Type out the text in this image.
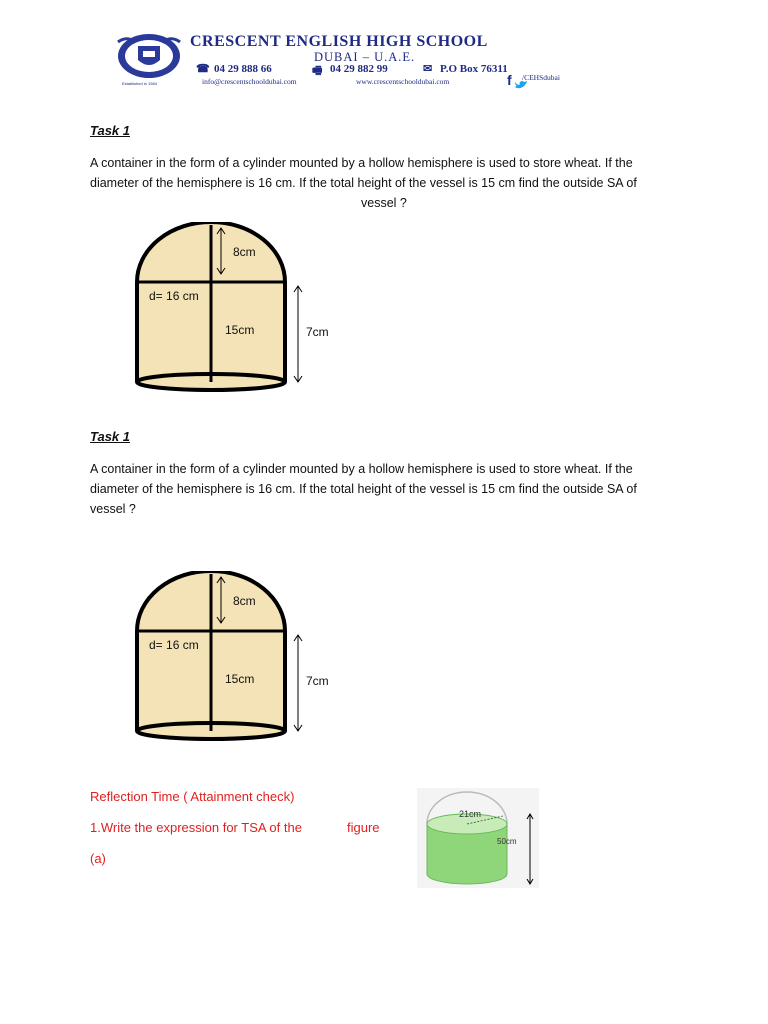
Established in 1984
CRESCENT ENGLISH HIGH SCHOOL
DUBAI – U.A.E.
☎ 04 29 888 66	🖷 04 29 882 99	✉ P.O Box 76311
info@crescentschooldubai.com	www.crescentschooldubai.com	f /CEHSdubai
Task 1
A container in the form of a cylinder mounted by a hollow hemisphere is used to store wheat. If the
diameter of the hemisphere is 16 cm. If the total height of the vessel is 15 cm find the outside SA of
vessel ?
8cm
d= 16 cm
15cm	7cm
Task 1
A container in the form of a cylinder mounted by a hollow hemisphere is used to store wheat. If the
diameter of the hemisphere is 16 cm. If the total height of the vessel is 15 cm find the outside SA of
vessel ?
8cm
d= 16 cm
15cm	7cm
Reflection Time ( Attainment check)
1.Write the expression for TSA of the	figure
(a)
21cm
50cm
